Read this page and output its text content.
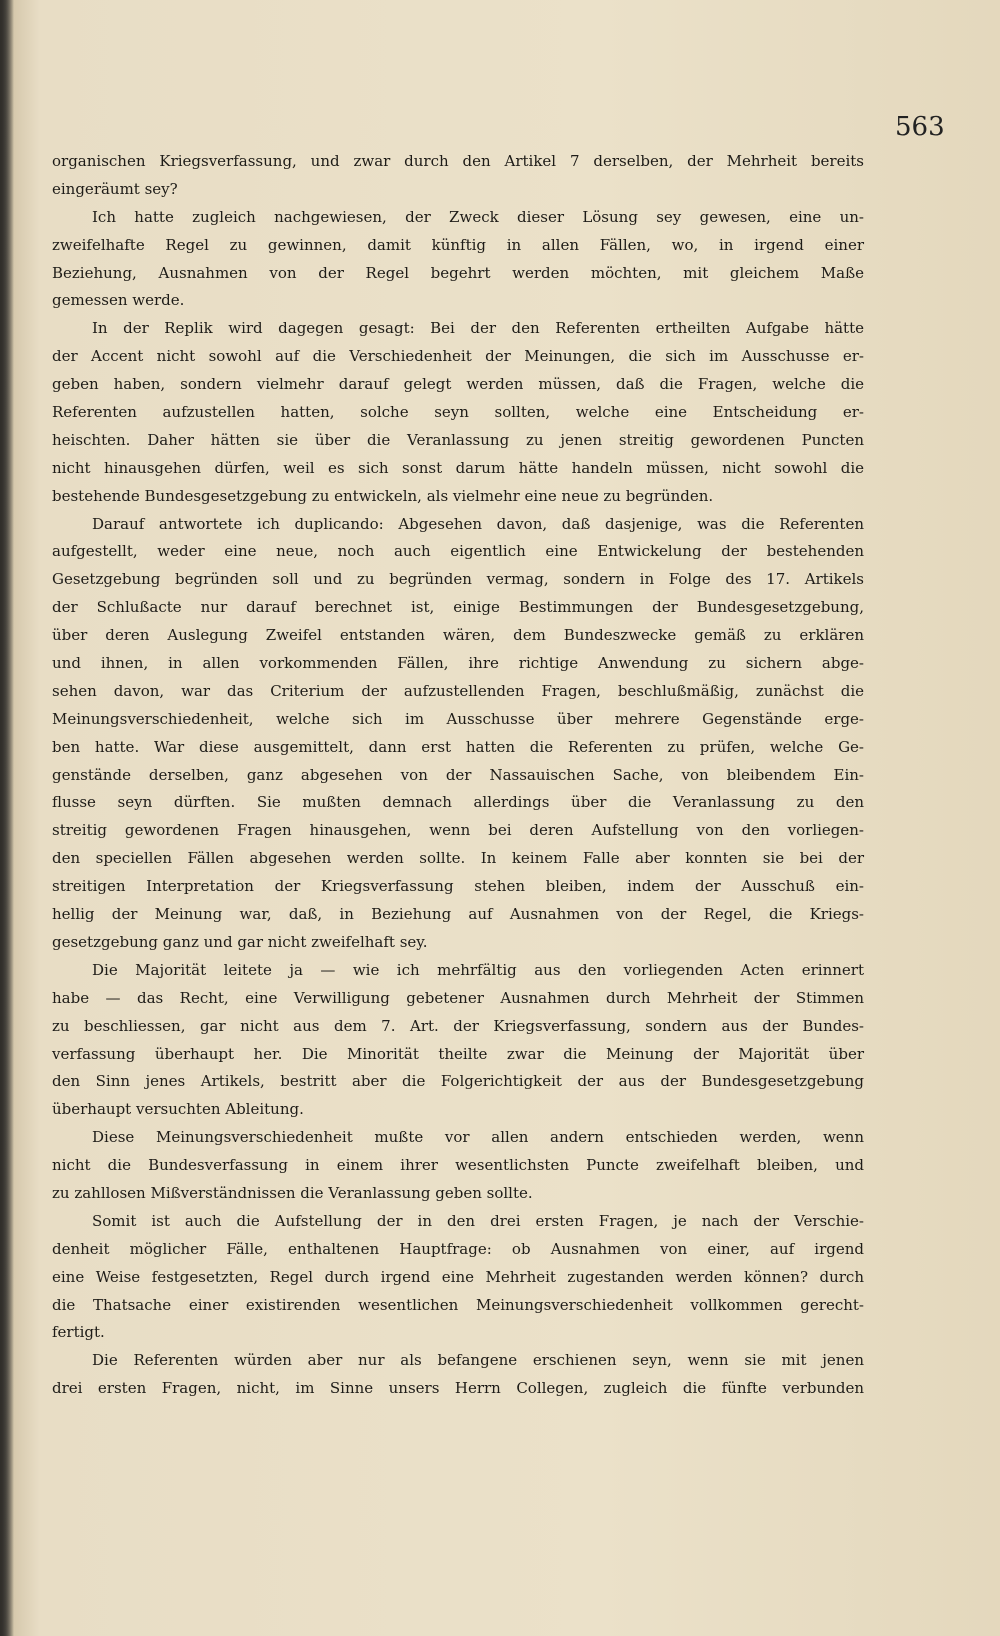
563
organischen Kriegsverfassung, und zwar durch den Artikel 7 derselben, der Mehrheit bereits
eingeräumt sey?
Ich hatte zugleich nachgewiesen, der Zweck dieser Lösung sey gewesen, eine un-
zweifelhafte Regel zu gewinnen, damit künftig in allen Fällen, wo, in irgend einer
Beziehung, Ausnahmen von der Regel begehrt werden möchten, mit gleichem Maße
gemessen werde.
In der Replik wird dagegen gesagt: Bei der den Referenten ertheilten Aufgabe hätte
der Accent nicht sowohl auf die Verschiedenheit der Meinungen, die sich im Ausschusse er-
geben haben, sondern vielmehr darauf gelegt werden müssen, daß die Fragen, welche die
Referenten aufzustellen hatten, solche seyn sollten, welche eine Entscheidung er-
heischten. Daher hätten sie über die Veranlassung zu jenen streitig gewordenen Puncten
nicht hinausgehen dürfen, weil es sich sonst darum hätte handeln müssen, nicht sowohl die
bestehende Bundesgesetzgebung zu entwickeln, als vielmehr eine neue zu begründen.
Darauf antwortete ich duplicando: Abgesehen davon, daß dasjenige, was die Referenten
aufgestellt, weder eine neue, noch auch eigentlich eine Entwickelung der bestehenden
Gesetzgebung begründen soll und zu begründen vermag, sondern in Folge des 17. Artikels
der Schlußacte nur darauf berechnet ist, einige Bestimmungen der Bundesgesetzgebung,
über deren Auslegung Zweifel entstanden wären, dem Bundeszwecke gemäß zu erklären
und ihnen, in allen vorkommenden Fällen, ihre richtige Anwendung zu sichern abge-
sehen davon, war das Criterium der aufzustellenden Fragen, beschlußmäßig, zunächst die
Meinungsverschiedenheit, welche sich im Ausschusse über mehrere Gegenstände erge-
ben hatte. War diese ausgemittelt, dann erst hatten die Referenten zu prüfen, welche Ge-
genstände derselben, ganz abgesehen von der Nassauischen Sache, von bleibendem Ein-
flusse seyn dürften. Sie mußten demnach allerdings über die Veranlassung zu den
streitig gewordenen Fragen hinausgehen, wenn bei deren Aufstellung von den vorliegen-
den speciellen Fällen abgesehen werden sollte. In keinem Falle aber konnten sie bei der
streitigen Interpretation der Kriegsverfassung stehen bleiben, indem der Ausschuß ein-
hellig der Meinung war, daß, in Beziehung auf Ausnahmen von der Regel, die Kriegs-
gesetzgebung ganz und gar nicht zweifelhaft sey.
Die Majorität leitete ja — wie ich mehrfältig aus den vorliegenden Acten erinnert
habe — das Recht, eine Verwilligung gebetener Ausnahmen durch Mehrheit der Stimmen
zu beschliessen, gar nicht aus dem 7. Art. der Kriegsverfassung, sondern aus der Bundes-
verfassung überhaupt her. Die Minorität theilte zwar die Meinung der Majorität über
den Sinn jenes Artikels, bestritt aber die Folgerichtigkeit der aus der Bundesgesetzgebung
überhaupt versuchten Ableitung.
Diese Meinungsverschiedenheit mußte vor allen andern entschieden werden, wenn
nicht die Bundesverfassung in einem ihrer wesentlichsten Puncte zweifelhaft bleiben, und
zu zahllosen Mißverständnissen die Veranlassung geben sollte.
Somit ist auch die Aufstellung der in den drei ersten Fragen, je nach der Verschie-
denheit möglicher Fälle, enthaltenen Hauptfrage: ob Ausnahmen von einer, auf irgend
eine Weise festgesetzten, Regel durch irgend eine Mehrheit zugestanden werden können? durch
die Thatsache einer existirenden wesentlichen Meinungsverschiedenheit vollkommen gerecht-
fertigt.
Die Referenten würden aber nur als befangene erschienen seyn, wenn sie mit jenen
drei ersten Fragen, nicht, im Sinne unsers Herrn Collegen, zugleich die fünfte verbunden
